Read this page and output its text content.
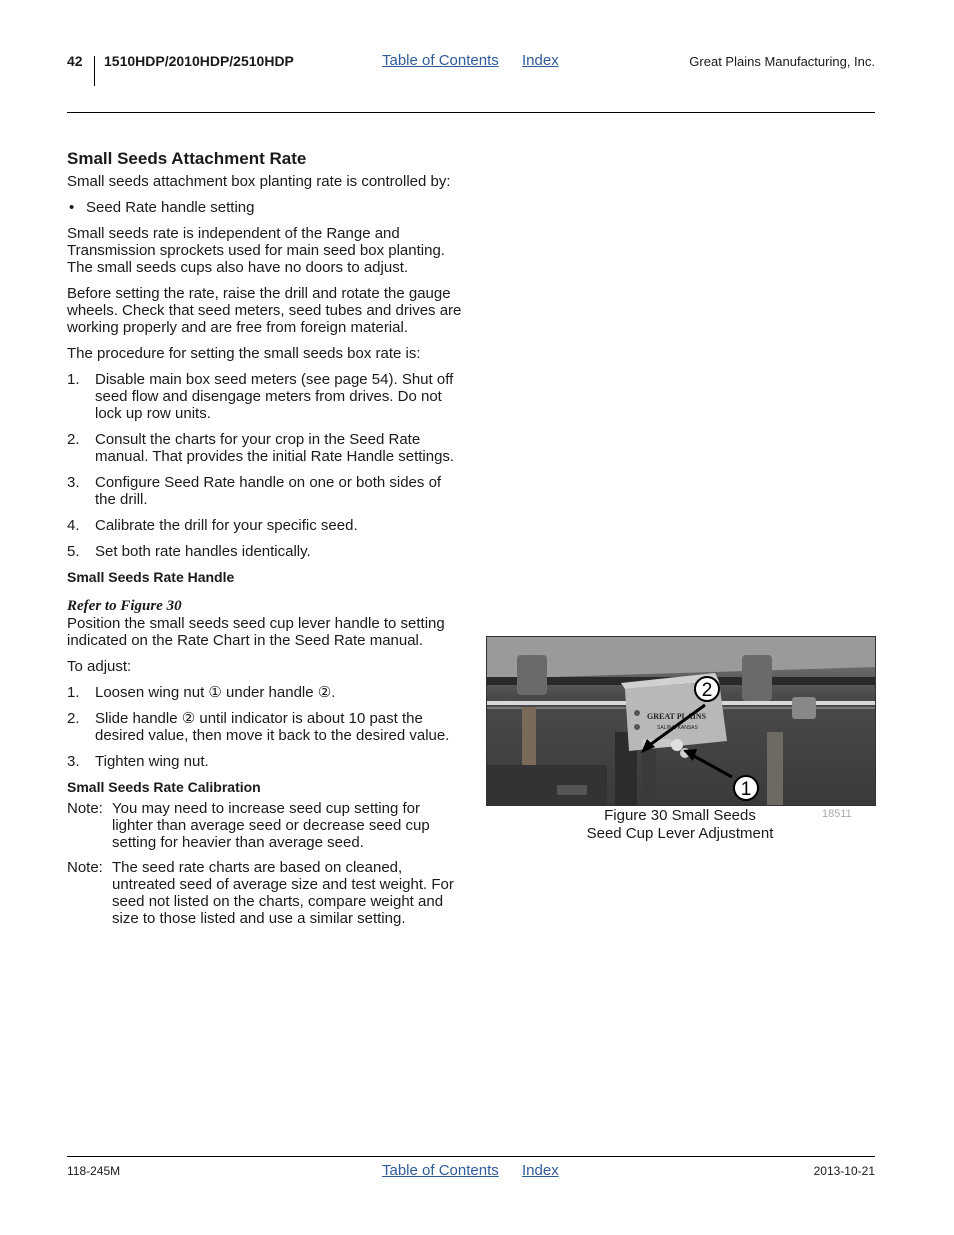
42 1510HDP/2010HDP/2510HDP	Table of Contents Index	Great Plains Manufacturing, Inc.
Small Seeds Attachment Rate

Small seeds attachment box planting rate is controlled by:

• Seed Rate handle setting

Small seeds rate is independent of the Range and Transmission sprockets used for main seed box planting. The small seeds cups also have no doors to adjust.

Before setting the rate, raise the drill and rotate the gauge wheels. Check that seed meters, seed tubes and drives are working properly and are free from foreign material.

The procedure for setting the small seeds box rate is:

1.	Disable main box seed meters (see page 54). Shut off seed flow and disengage meters from drives. Do not lock up row units.
2.	Consult the charts for your crop in the Seed Rate manual. That provides the initial Rate Handle settings.
3.	Configure Seed Rate handle on one or both sides of the drill.
4.	Calibrate the drill for your specific seed.
5.	Set both rate handles identically.
Small Seeds Rate Handle
Refer to Figure 30

Position the small seeds seed cup lever handle to setting indicated on the Rate Chart in the Seed Rate manual.

To adjust:

1.	Loosen wing nut ① under handle ②.
2.	Slide handle ② until indicator is about 10 past the desired value, then move it back to the desired value.
3.	Tighten wing nut.
Small Seeds Rate Calibration
Note: You may need to increase seed cup setting for lighter than average seed or decrease seed cup setting for heavier than average seed.
Note: The seed rate charts are based on cleaned, untreated seed of average size and test weight. For seed not listed on the charts, compare weight and size to those listed and use a similar setting.
GREAT PLAINS
SALINA, KANSAS
2
1
Figure 30 Small Seeds
Seed Cup Lever Adjustment
18511
118-245M	Table of Contents Index	2013-10-21
